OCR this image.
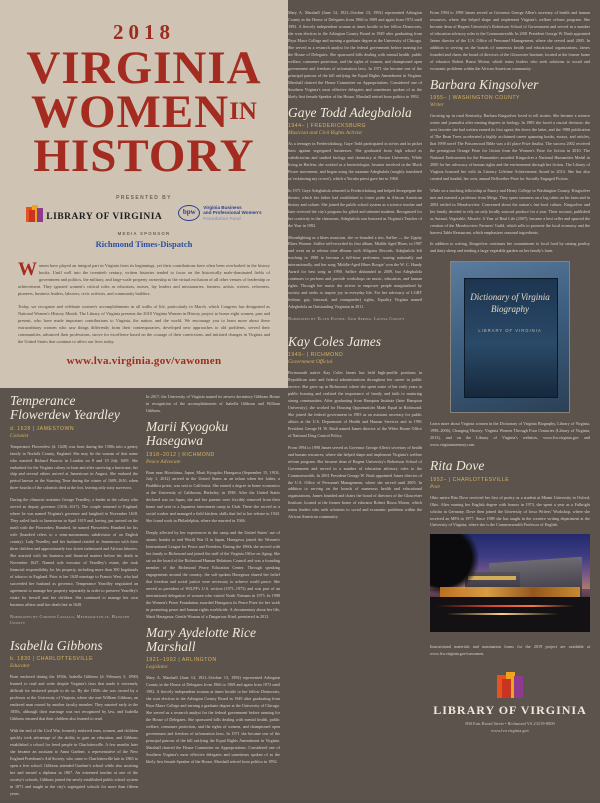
2018
VIRGINIA
WOMENIN
HISTORY
PRESENTED BY
LIBRARY OF VIRGINIA	bpw
Virginia Business
and Professional Women's
Foundation Fund
MEDIA SPONSOR
Richmond Times-Dispatch

Women have played an integral part in Virginia from its beginnings, yet their contributions have often been overlooked in the history books. Until well into the twentieth century, written histories tended to focus on the historically male-dominated fields of government and politics, the military, and large-scale property ownership to the virtual exclusion of all other venues of leadership or achievement. They ignored women's critical roles as educators, nurses, lay leaders and missionaries, farmers, artists, writers, reformers, pioneers, business leaders, laborers, civic activists, and community builders.

Today, we recognize and celebrate women's accomplishments in all walks of life, particularly in March, which Congress has designated as National Women's History Month. The Library of Virginia presents the 2018 Virginia Women in History project to honor eight women, past and present, who have made important contributions to Virginia, the nation, and the world. We encourage you to learn more about these extraordinary women who saw things differently from their contemporaries, developed new approaches to old problems, served their communities, advanced their professions, strove for excellence based on the courage of their convictions, and initiated changes in Virginia and the United States that continue to affect our lives today.

www.lva.virginia.gov/vawomen
Temperance Flowerdew Yeardley
d. 1628 | JAMESTOWN
Colonist

Temperance Flowerdew (d. 1628) was born during the 1580s into a gentry family in Norfolk County, England. She may be the woman of that name who married Richard Barrow in London on 8 and 19 July 1609. She embarked for the Virginia colony in June and after surviving a hurricane, her ship and several others arrived at Jamestown in August. She endured the period known as the Starving Time during the winter of 1609–1610, when three-fourths of the colonists died at the fort, leaving only sixty survivors.

During the climactic mutinies George Yeardley, a leader in the colony who served as deputy governor (1616–1617). The couple returned to England, where he was named Virginia's governor and knighted in November 1618. They sailed back to Jamestown in April 1619 and, having just arrived on the ninth with the Flowerdew Hundred, he named Flowerdew Hundred for his wife (hundred refers to a semi-autonomous subdivision of an English county). Lady Yeardley and her husband resided in Jamestown with their three children and approximately two dozen indentured and African laborers. She assisted with his business and financial matters before his death in November 1627. Named sole executor of Yeardley's estate, she took financial responsibility for his property, including more than 300 hogsheads of tobacco to England. Prior to her 1628 marriage to Francis West, who had succeeded her husband as governor, Temperance Yeardley negotiated an agreement to manage her property separately in order to preserve Yeardley's estate for herself and her children. She continued to manage her own business affairs until her death late in 1628.

Nominated by Cordish Lavallo, Mechanicsville, Hanover County
Isabella Gibbons
b. 1830 | CHARLOTTESVILLE
Educator

Born enslaved during the 1830s, Isabella Gibbons (d. February 5, 1890) learned to read and write despite Virginia's laws that made it extremely difficult for enslaved people to do so. By the 1850s she was owned by a professor at the University of Virginia, where she met William Gibbons, an enslaved man owned by another faculty member. They married early in the 1850s, although their marriage was not recognized by law, and Isabella Gibbons ensured that their children also learned to read.

With the end of the Civil War, formerly enslaved men, women, and children quickly took advantage of the ability to gain an education, and Gibbons established a school for freed people in Charlottesville. A few months later she became an assistant to Anna Gardner, a representative of the New England Freedmen's Aid Society, who came to Charlottesville late in 1865 to open a free school. Gibbons attended Gardner's school while also assisting her and earned a diploma in 1867. An esteemed teacher at one of the society's schools, Gibbons joined the newly established public school system in 1871 and taught in the city's segregated schools for more than fifteen years.

In 2017, the University of Virginia named its newest dormitory Gibbons House in recognition of the accomplishments of Isabella Gibbons and William Gibbons.

Marii Kyogoku Hasegawa
1918–2012 | RICHMOND
Peace Advocate

Born near Hiroshima, Japan, Marii Kyogoku Hasegawa (September 15, 1918–July 1, 2012) arrived in the United States as an infant when her father, a Buddhist priest, was sent to California. She earned a degree in home economics at the University of California, Berkeley, in 1938. After the United States declared war on Japan, she and her parents were forcibly removed from their home and sent to a Japanese internment camp in Utah. There she served as a social worker and managed a field kitchen; skills that led to her release in 1943. She found work in Philadelphia, where she married in 1946.

Deeply affected by her experiences in the camp and the United States' use of atomic bombs to end World War II in Japan, Hasegawa joined the Women's International League for Peace and Freedom. During the 1960s she moved with her family to Richmond and joined the staff of the Virginia Office on Aging. She sat on the board of the Richmond Human Relations Council and was a founding member of the Richmond Peace Education Center. Through speaking engagements around the country, the soft-spoken Hasegawa shared her belief that freedom and social justice were necessary to achieve world peace. She served as president of WILPF's U.S. section (1971–1975) and was part of an international delegation of women who visited North Vietnam in 1975. In 1998 the Women's Peace Foundation awarded Hasegawa its Peace Prize for her work in promoting peace and human rights worldwide. A documentary about her life, Marii Hasegawa: Gentle Woman of a Dangerous Kind, premiered in 2012.

Mary Aydelotte Rice Marshall
1921–1992 | ARLINGTON
Legislator

Mary A. Marshall (June 14, 1921–October 13, 1992) represented Arlington County in the House of Delegates from 1966 to 1969 and again from 1972 until 1992. A fiercely independent woman at times hostile to her fellow Democrats, she won election to the Arlington County Board in 1949 after graduating from Bryn Mawr College and earning a graduate degree at the University of Chicago. She served as a research analyst for the federal government before running for the House of Delegates. She sponsored bills dealing with mental health, public welfare, consumer protection, and the rights of women, and championed open government and freedom of information laws. In 1971 she became one of the principal patrons of the bill ratifying the Equal Rights Amendment in Virginia. Marshall chaired the House Committee on Appropriations. Considered one of Southern Virginia's most effective delegates and sometimes spoken of as the likely first female Speaker of the House, Marshall retired from politics in 1992.

Mary A. Marshall (June 14, 1921–October 13, 1992) represented Arlington County in the House of Delegates from 1966 to 1969 and again from 1972 until 1992. A fiercely independent woman at times hostile to her fellow Democrats, she won election to the Arlington County Board in 1949 after graduating from Bryn Mawr College and earning a graduate degree at the University of Chicago. She served as a research analyst for the federal government before running for the House of Delegates. She sponsored bills dealing with mental health, public welfare, consumer protection, and the rights of women, and championed open government and freedom of information laws. In 1971 she became one of the principal patrons of the bill ratifying the Equal Rights Amendment in Virginia. Marshall chaired the House Committee on Appropriations. Considered one of Southern Virginia's most effective delegates and sometimes spoken of as the likely first female Speaker of the House, Marshall retired from politics in 1992.

Gaye Todd Adegbalola
1944– | FREDERICKSBURG
Musician and Civil Rights Activist

As a teenager in Fredericksburg, Gaye Todd participated in sit-ins and in picket lines against segregated businesses. She graduated from high school as valedictorian and studied biology and chemistry at Boston University. While living in Harlem, she worked as a bacteriologist, became involved in the Black Power movement, and began using the surname Adegbalola (roughly translated as 'reclaiming my crown'), which a Yoruba priest gave her in 1968.

In 1971 Gaye Adegbalola returned to Fredericksburg and helped desegregate the theater, which her father had established to foster pride in African American history and culture. She joined the public school system as a science teacher and later received the city's program for gifted and talented students. Recognized for her creativity in the classroom, Adegbalola was honored as Virginia's Teacher of the Year in 1982.

Moonlighting as a blues musician, she co-founded a trio, Saffire — the Uppity Blues Women. Saffire self-recorded its first album, Middle Aged Blues, in 1987 and went on to release nine albums with Alligator Records. Adegbalola left teaching in 1988 to become a full-time performer, touring nationally and internationally, and her song 'Middle-Aged Blues Boogie' won the W. C. Handy Award for best song in 1990. Saffire disbanded in 2009, but Adegbalola continues to perform and provide workshops on music, education, and human rights. Through her music she strives to empower people marginalized by society and seeks to inspire joy in everyday life. For her advocacy of LGBT lesbian, gay, bisexual, and transgender) rights, Equality Virginia named Adegbalola an Outstanding Virginian in 2011.

Nominated by Ellen Foster, Gum Spring, Louisa County
Kay Coles James
1949– | RICHMOND
Government Official

Portsmouth native Kay Coles James has held high-profile positions in Republican state and federal administrations throughout her career in public service. She grew up in Richmond, where she spent some of her early years in public housing and realized the importance of family and faith to nurturing strong communities. After graduating from Hampton Institute (later Hampton University), she worked for Housing Opportunities Made Equal in Richmond. She joined the federal government in 1983 as an assistant secretary for public affairs at the U.S. Department of Health and Human Services and in 1991 President George H. W. Bush named James director of the White House Office of National Drug Control Policy.

From 1994 to 1998 James served as Governor George Allen's secretary of health and human resources, where she helped shape and implement Virginia's welfare reform program. She became dean of Regent University's Robertson School of Government and served in a number of education advisory roles to the Commonwealth. In 2001 President George W. Bush appointed James director of the U.S. Office of Personnel Management, where she served until 2005. In addition to serving on the boards of numerous health and educational organizations, James founded and chairs the board of directors of the Gloucester Institute, located at the former home of educator Robert Russa Moton, which trains leaders who seek solutions to social and economic problems within the African American community.

From 1994 to 1998 James served as Governor George Allen's secretary of health and human resources, where she helped shape and implement Virginia's welfare reform program. She became dean of Regent University's Robertson School of Government and served in a number of education advisory roles to the Commonwealth. In 2001 President George W. Bush appointed James director of the U.S. Office of Personnel Management, where she served until 2005. In addition to serving on the boards of numerous health and educational organizations, James founded and chairs the board of directors of the Gloucester Institute, located at the former home of educator Robert Russa Moton, which trains leaders who seek solutions to social and economic problems within the African American community.

Barbara Kingsolver
1955– | WASHINGTON COUNTY
Writer

Growing up in rural Kentucky, Barbara Kingsolver loved to tell stories. She became a science writer and journalist after earning degrees in biology. In 1985 she faced a crucial decision: the next favorite she had written earned its first agent; the drove the latter, and the 1988 publication of The Bean Trees accelerated a highly acclaimed career spanning books, essays, and articles, that 1998 novel The Poisonwood Bible was a #1 place Prize finalist. The success 2002 received the prestigious Orange Prize for fiction from the Women's Prize for fiction in 2010. The National Endowment for the Humanities awarded Kingsolver a National Humanities Medal in 2000 for her advocacy of human rights and the environment through her fiction. The Library of Virginia honored her with its Literary Lifetime Achievement Award in 2014. She has also created and funded, her own, annual Bellwether Prize for Socially Engaged Fiction.

While on a teaching fellowship at Emory and Henry College in Washington County, Kingsolver met and married a professor from Meigs. They spent summers on a log cabin on his farm and in 2004 settled in Meadowview. Concerned about the nation's fast-food culture, Kingsolver and her family decided to rely on only locally sourced produce for a year. Their account, published as Animal, Vegetable, Miracle: A Year of Real Life (2007), became a best seller and spurred the creation of the Meadowview Farmers' Guild, which sells to promote the local economy and the harvest Table Restaurant, which emphasizes seasonal ingredients.

In addition to writing, Kingsolver continues her commitment to local food by raising poultry and dairy sheep and tending a large vegetable garden on her family's farm.

Dictionary of Virginia Biography
LIBRARY OF VIRGINIA
Learn more about Virginia women in the Dictionary of Virginia Biography, Library of Virginia, 1998–2006), Changing History: Virginia Women Through Four Centuries (Library of Virginia, 2013), and on the Library of Virginia's websites, www.lva.virginia.gov and www.virginiamemory.com.
Rita Dove
1952– | CHARLOTTESVILLE
Poet

Ohio native Rita Dove received her first of poetry as a student at Miami University in Oxford, Ohio. After earning her English degree with honors in 1973, she spent a year as a Fulbright scholar in Germany. Dove then joined the University of Iowa Writers' Workshop, where she received an MFA in 1977. Since 1989 she has taught in the creative writing department at the University of Virginia, where she is the Commonwealth Professor of English.

Instructional materials and nomination forms for the 2019 project are available at www.lva.virginia.gov/vawomen.
LIBRARY OF VIRGINIA
800 East Broad Street • Richmond VA 23219-8000
www.lva.virginia.gov
